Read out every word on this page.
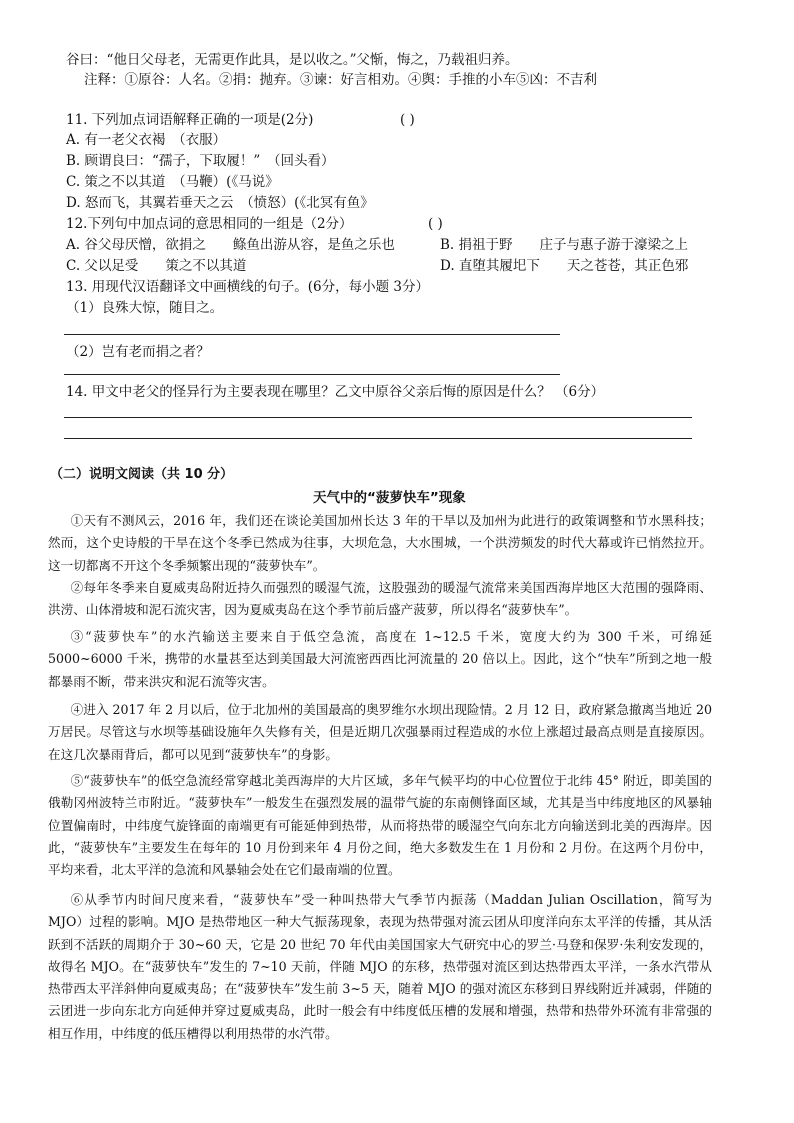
谷曰：“他日父母老，无需更作此具，是以收之。”父惭，悔之，乃载祖归养。
注释：①原谷：人名。②捐：抛弃。③谏：好言相劝。④舆：手推的小车⑤凶：不吉利
11. 下列加点词语解释正确的一项是(2分)	( )
A. 有一老父衣褐　（衣服）
B. 顾谓良曰：“孺子，下取履！”　（回头看）
C. 策之不以其道　（马鞭）(《马说》
D. 怒而飞，其翼若垂天之云　（愤怒）(《北冥有鱼》
12.下列句中加点词的意思相同的一组是（2分）	( )
A. 谷父母厌憎，欲捐之　　鲦鱼出游从容，是鱼之乐也	B. 捐祖于野　　庄子与惠子游于濠梁之上
C. 父以足受　　策之不以其道	D. 直堕其履圯下　　天之苍苍，其正色邪
13. 用现代汉语翻译文中画横线的句子。(6分，每小题 3分）
（1）良殊大惊，随目之。
（2）岂有老而捐之者？
14. 甲文中老父的怪异行为主要表现在哪里？乙文中原谷父亲后悔的原因是什么？ （6分）
（二）说明文阅读（共 10 分）
天气中的“菠萝快车”现象
①天有不测风云，2016 年，我们还在谈论美国加州长达 3 年的干旱以及加州为此进行的政策调整和节水黑科技；然而，这个史诗般的干旱在这个冬季已然成为往事，大坝危急，大水围城，一个洪涝频发的时代大幕或许已悄然拉开。这一切都离不开这个冬季频繁出现的“菠萝快车”。
②每年冬季来自夏威夷岛附近持久而强烈的暖湿气流，这股强劲的暖湿气流常来美国西海岸地区大范围的强降雨、洪涝、山体滑坡和泥石流灾害，因为夏威夷岛在这个季节前后盛产菠萝，所以得名“菠萝快车”。
③“菠萝快车”的水汽输送主要来自于低空急流，高度在 1~12.5 千米，宽度大约为 300 千米，可绵延 5000~6000 千米，携带的水量甚至达到美国最大河流密西西比河流量的 20 倍以上。因此，这个“快车”所到之地一般都暴雨不断，带来洪灾和泥石流等灾害。
④进入 2017 年 2 月以后，位于北加州的美国最高的奥罗维尔水坝出现险情。2 月 12 日，政府紧急撤离当地近 20 万居民。尽管这与水坝等基础设施年久失修有关，但是近期几次强暴雨过程造成的水位上涨超过最高点则是直接原因。在这几次暴雨背后，都可以见到“菠萝快车”的身影。
⑤“菠萝快车”的低空急流经常穿越北美西海岸的大片区域，多年气候平均的中心位置位于北纬 45° 附近，即美国的俄勒冈州波特兰市附近。“菠萝快车”一般发生在强烈发展的温带气旋的东南侧锋面区域，尤其是当中纬度地区的风暴轴位置偏南时，中纬度气旋锋面的南端更有可能延伸到热带，从而将热带的暖湿空气向东北方向输送到北美的西海岸。因此，“菠萝快车”主要发生在每年的 10 月份到来年 4 月份之间，绝大多数发生在 1 月份和 2 月份。在这两个月份中，平均来看，北太平洋的急流和风暴轴会处在它们最南端的位置。
⑥从季节内时间尺度来看，“菠萝快车”受一种叫热带大气季节内振荡（Maddan Julian Oscillation，简写为 MJO）过程的影响。MJO 是热带地区一种大气振荡现象，表现为热带强对流云团从印度洋向东太平洋的传播，其从活跃到不活跃的周期介于 30~60 天，它是 20 世纪 70 年代由美国国家大气研究中心的罗兰·马登和保罗·朱利安发现的，故得名 MJO。在“菠萝快车”发生的 7~10 天前，伴随 MJO 的东移，热带强对流区到达热带西太平洋，一条水汽带从热带西太平洋斜伸向夏威夷岛；在“菠萝快车”发生前 3~5 天，随着 MJO 的强对流区东移到日界线附近并减弱，伴随的云团进一步向东北方向延伸并穿过夏威夷岛，此时一般会有中纬度低压槽的发展和增强，热带和热带外环流有非常强的相互作用，中纬度的低压槽得以利用热带的水汽带。
